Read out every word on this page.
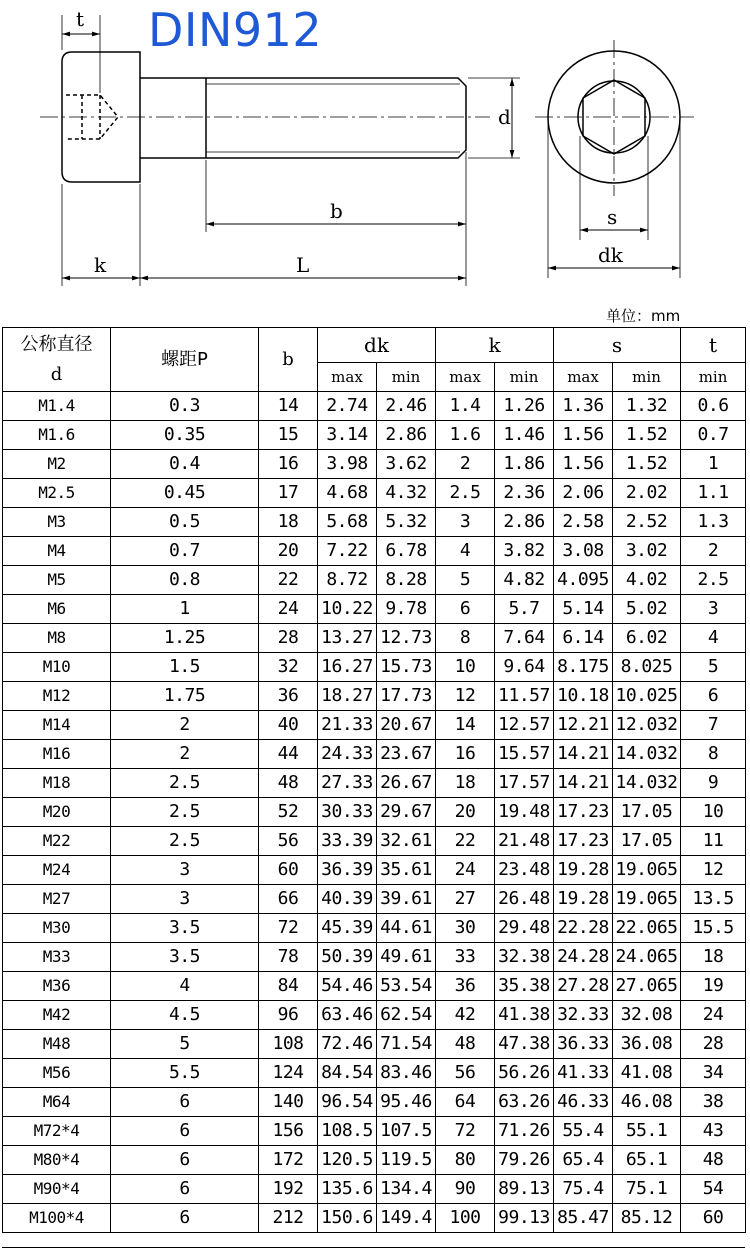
t
d
b
k	L
s
dk
DIN912
单位：mm
公称直径
d	螺距P	b	dk		k		s		t
			max	min	max	min	max	min	min
M1.4	0.3	14	2.74	2.46	1.4	1.26	1.36	1.32	0.6
M1.6	0.35	15	3.14	2.86	1.6	1.46	1.56	1.52	0.7
M2	0.4	16	3.98	3.62	2	1.86	1.56	1.52	1
M2.5	0.45	17	4.68	4.32	2.5	2.36	2.06	2.02	1.1
M3	0.5	18	5.68	5.32	3	2.86	2.58	2.52	1.3
M4	0.7	20	7.22	6.78	4	3.82	3.08	3.02	2
M5	0.8	22	8.72	8.28	5	4.82	4.095	4.02	2.5
M6	1	24	10.22	9.78	6	5.7	5.14	5.02	3
M8	1.25	28	13.27	12.73	8	7.64	6.14	6.02	4
M10	1.5	32	16.27	15.73	10	9.64	8.175	8.025	5
M12	1.75	36	18.27	17.73	12	11.57	10.18	10.025	6
M14	2	40	21.33	20.67	14	12.57	12.21	12.032	7
M16	2	44	24.33	23.67	16	15.57	14.21	14.032	8
M18	2.5	48	27.33	26.67	18	17.57	14.21	14.032	9
M20	2.5	52	30.33	29.67	20	19.48	17.23	17.05	10
M22	2.5	56	33.39	32.61	22	21.48	17.23	17.05	11
M24	3	60	36.39	35.61	24	23.48	19.28	19.065	12
M27	3	66	40.39	39.61	27	26.48	19.28	19.065	13.5
M30	3.5	72	45.39	44.61	30	29.48	22.28	22.065	15.5
M33	3.5	78	50.39	49.61	33	32.38	24.28	24.065	18
M36	4	84	54.46	53.54	36	35.38	27.28	27.065	19
M42	4.5	96	63.46	62.54	42	41.38	32.33	32.08	24
M48	5	108	72.46	71.54	48	47.38	36.33	36.08	28
M56	5.5	124	84.54	83.46	56	56.26	41.33	41.08	34
M64	6	140	96.54	95.46	64	63.26	46.33	46.08	38
M72*4	6	156	108.5	107.5	72	71.26	55.4	55.1	43
M80*4	6	172	120.5	119.5	80	79.26	65.4	65.1	48
M90*4	6	192	135.6	134.4	90	89.13	75.4	75.1	54
M100*4	6	212	150.6	149.4	100	99.13	85.47	85.12	60
